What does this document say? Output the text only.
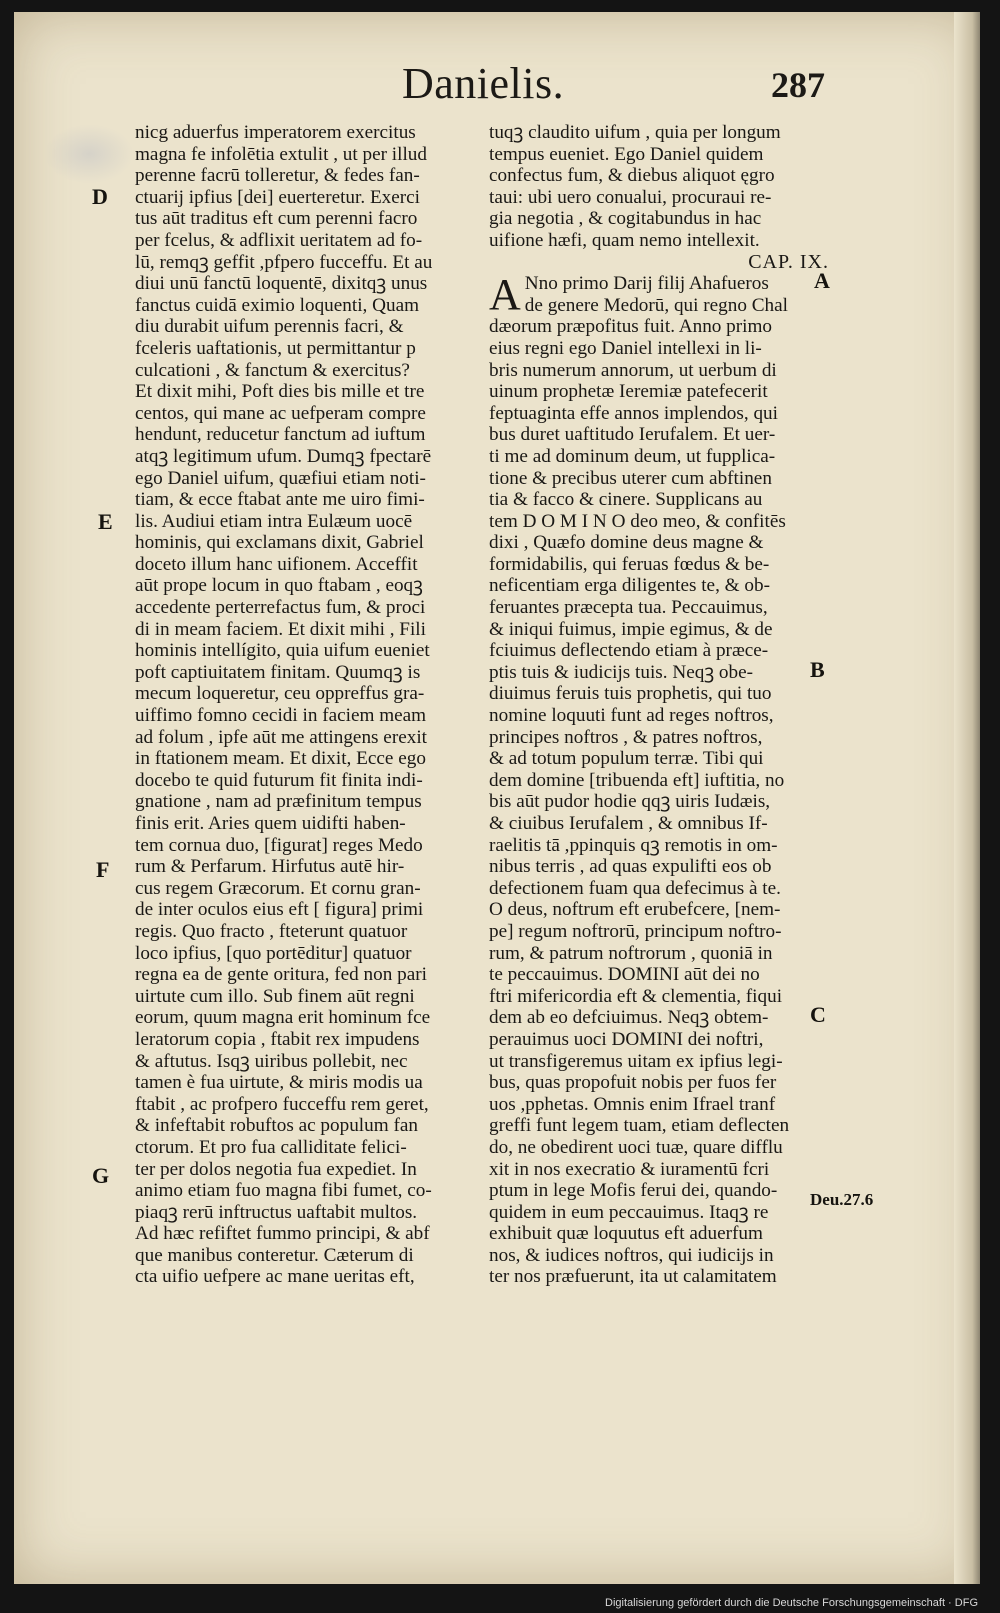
Danielis.	287
nicg aduerfus imperatorem exercitus
magna fe infolētia extulit , ut per illud
perenne facrū tolleretur, & fedes fan-
ctuarij ipfius [dei] euerteretur. Exerci
tus aūt traditus eft cum perenni facro
per fcelus, & adflixit ueritatem ad fo-
lū, remqꝫ geffit ,pfpero fucceffu. Et au
diui unū fanctū loquentē, dixitqꝫ unus
fanctus cuidā eximio loquenti, Quam
diu durabit uifum perennis facri, &
fceleris uaftationis, ut permittantur p
culcationi , & fanctum & exercitus?
Et dixit mihi, Poft dies bis mille et tre
centos, qui mane ac uefperam compre
hendunt, reducetur fanctum ad iuftum
atqꝫ legitimum ufum. Dumqꝫ fpectarē
ego Daniel uifum, quæfiui etiam noti-
tiam, & ecce ftabat ante me uiro fimi-
lis. Audiui etiam intra Eulæum uocē
hominis, qui exclamans dixit, Gabriel
doceto illum hanc uifionem. Acceffit
aūt prope locum in quo ftabam , eoqꝫ
accedente perterrefactus fum, & proci
di in meam faciem. Et dixit mihi , Fili
hominis intellígito, quia uifum eueniet
poft captiuitatem finitam. Quumqꝫ is
mecum loqueretur, ceu oppreffus gra-
uiffimo fomno cecidi in faciem meam
ad folum , ipfe aūt me attingens erexit
in ftationem meam. Et dixit, Ecce ego
docebo te quid futurum fit finita indi-
gnatione , nam ad præfinitum tempus
finis erit. Aries quem uidifti haben-
tem cornua duo, [figurat] reges Medo
rum & Perfarum. Hirfutus autē hir-
cus regem Græcorum. Et cornu gran-
de inter oculos eius eft [ figura] primi
regis. Quo fracto , fteterunt quatuor
loco ipfius, [quo portēditur] quatuor
regna ea de gente oritura, fed non pari
uirtute cum illo. Sub finem aūt regni
eorum, quum magna erit hominum fce
leratorum copia , ftabit rex impudens
& aftutus. Isqꝫ uiribus pollebit, nec
tamen è fua uirtute, & miris modis ua
ftabit , ac profpero fucceffu rem geret,
& infeftabit robuftos ac populum fan
ctorum. Et pro fua calliditate felici-
ter per dolos negotia fua expediet. In
animo etiam fuo magna fibi fumet, co-
piaqꝫ rerū inftructus uaftabit multos.
Ad hæc refiftet fummo principi, & abf
que manibus conteretur. Cæterum di
cta uifio uefpere ac mane ueritas eft,
tuqꝫ claudito uifum , quia per longum
tempus eueniet. Ego Daniel quidem
confectus fum, & diebus aliquot ęgro
taui: ubi uero conualui, procuraui re-
gia negotia , & cogitabundus in hac
uifione hæfi, quam nemo intellexit.
CAP. IX.
A Nno primo Darij filij Ahafueros
de genere Medorū, qui regno Chal
dæorum præpofitus fuit. Anno primo
eius regni ego Daniel intellexi in li-
bris numerum annorum, ut uerbum di
uinum prophetæ Ieremiæ patefecerit
feptuaginta effe annos implendos, qui
bus duret uaftitudo Ierufalem. Et uer-
ti me ad dominum deum, ut fupplica-
tione & precibus uterer cum abftinen
tia & facco & cinere. Supplicans au
tem D O M I N O deo meo, & confitēs
dixi , Quæfo domine deus magne &
formidabilis, qui feruas fœdus & be-
neficentiam erga diligentes te, & ob-
feruantes præcepta tua. Peccauimus,
& iniqui fuimus, impie egimus, & de
fciuimus deflectendo etiam à præce-
ptis tuis & iudicijs tuis. Neqꝫ obe-
diuimus feruis tuis prophetis, qui tuo
nomine loquuti funt ad reges noftros,
principes noftros , & patres noftros,
& ad totum populum terræ. Tibi qui
dem domine [tribuenda eft] iuftitia, no
bis aūt pudor hodie qqꝫ uiris Iudæis,
& ciuibus Ierufalem , & omnibus If-
raelitis tā ,ppinquis qꝫ remotis in om-
nibus terris , ad quas expulifti eos ob
defectionem fuam qua defecimus à te.
O deus, noftrum eft erubefcere, [nem-
pe] regum noftrorū, principum noftro-
rum, & patrum noftrorum , quoniā in
te peccauimus. DOMINI aūt dei no
ftri mifericordia eft & clementia, fiqui
dem ab eo defciuimus. Neqꝫ obtem-
perauimus uoci DOMINI dei noftri,
ut transfigeremus uitam ex ipfius legi-
bus, quas propofuit nobis per fuos fer
uos ,pphetas. Omnis enim Ifrael tranf
greffi funt legem tuam, etiam deflecten
do, ne obedirent uoci tuæ, quare difflu
xit in nos execratio & iuramentū fcri
ptum in lege Mofis ferui dei, quando-
quidem in eum peccauimus. Itaqꝫ re
exhibuit quæ loquutus eft aduerfum
nos, & iudices noftros, qui iudicijs in
ter nos præfuerunt, ita ut calamitatem
D
E
F
G
A
B
C
Deu.27.6
Digitalisierung gefördert durch die Deutsche Forschungsgemeinschaft · DFG
